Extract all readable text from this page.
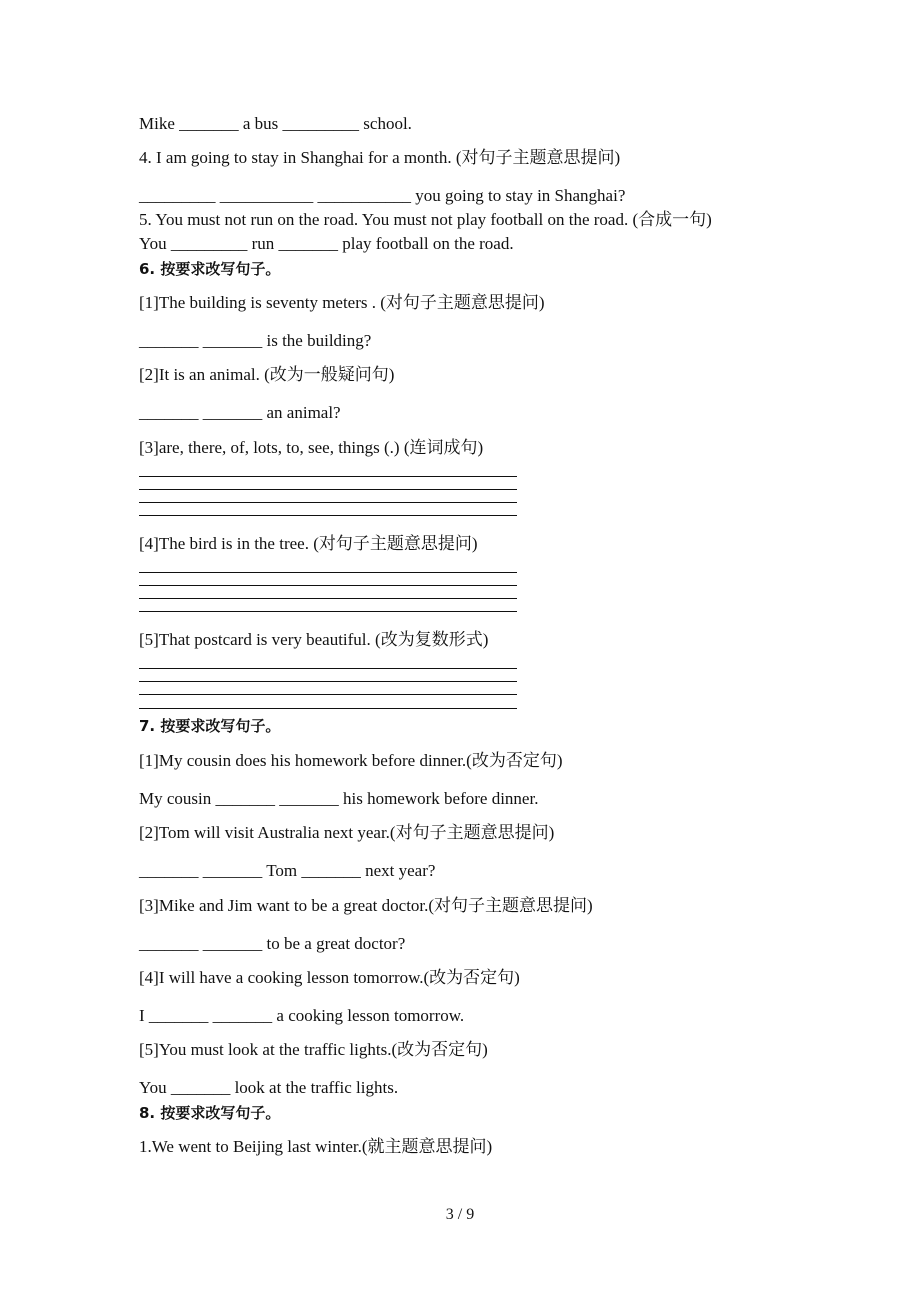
Mike _______ a bus _________ school.
4. I am going to stay in Shanghai for a month. (对句子主题意思提问)
_________ ___________ ___________ you going to stay in Shanghai?
5. You must not run on the road. You must not play football on the road. (合成一句)
You _________ run _______ play football on the road.
6. 按要求改写句子。
[1]The building is seventy meters . (对句子主题意思提问)
_______ _______ is the building?
[2]It is an animal. (改为一般疑问句)
_______ _______ an animal?
[3]are, there, of, lots, to, see, things (.) (连词成句)
[4]The bird is in the tree. (对句子主题意思提问)
[5]That postcard is very beautiful. (改为复数形式)
7. 按要求改写句子。
[1]My cousin does his homework before dinner.(改为否定句)
My cousin _______ _______ his homework before dinner.
[2]Tom will visit Australia next year.(对句子主题意思提问)
_______ _______ Tom _______ next year?
[3]Mike and Jim want to be a great doctor.(对句子主题意思提问)
_______ _______ to be a great doctor?
[4]I will have a cooking lesson tomorrow.(改为否定句)
I _______ _______ a cooking lesson tomorrow.
[5]You must look at the traffic lights.(改为否定句)
You _______ look at the traffic lights.
8. 按要求改写句子。
1.We went to Beijing last winter.(就主题意思提问)
3 / 9
